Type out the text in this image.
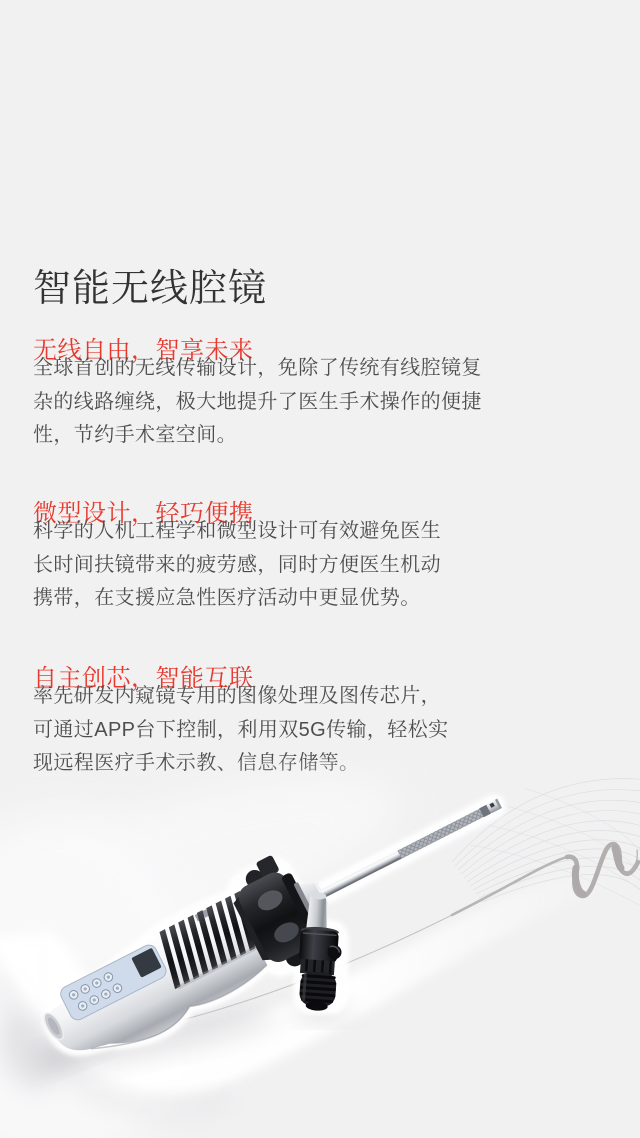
智能无线腔镜
无线自由，智享未来
全球首创的无线传输设计，免除了传统有线腔镜复
杂的线路缠绕，极大地提升了医生手术操作的便捷
性，节约手术室空间。
微型设计，轻巧便携
科学的人机工程学和微型设计可有效避免医生
长时间扶镜带来的疲劳感，同时方便医生机动
携带，在支援应急性医疗活动中更显优势。
自主创芯，智能互联
率先研发内窥镜专用的图像处理及图传芯片，
可通过APP台下控制，利用双5G传输，轻松实
现远程医疗手术示教、信息存储等。
